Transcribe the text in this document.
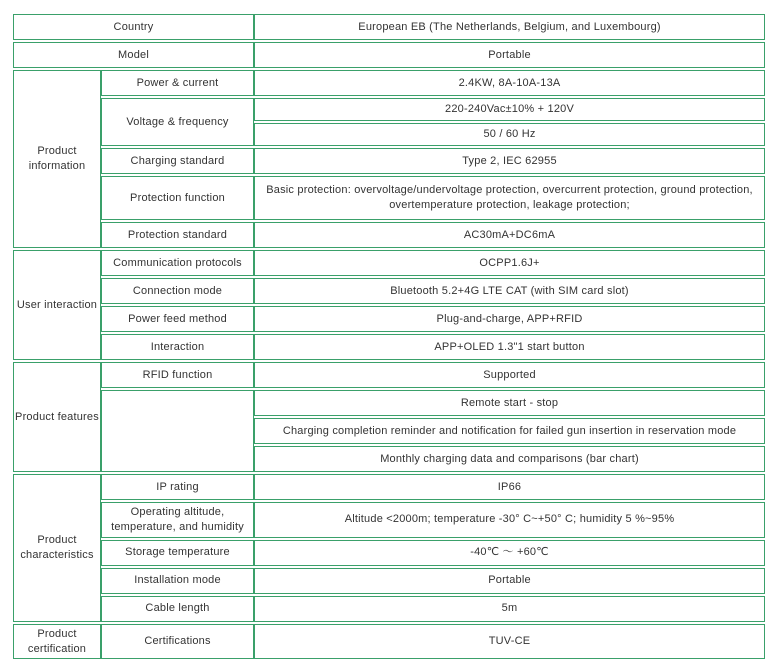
Country		European EB (The Netherlands, Belgium, and Luxembourg)
Model		Portable
Product information	Power & current	2.4KW, 8A-10A-13A
	Voltage & frequency	220-240Vac±10% + 120V
		50 / 60 Hz
	Charging standard	Type 2, IEC 62955
	Protection function	Basic protection: overvoltage/undervoltage protection, overcurrent protection, ground protection, overtemperature protection, leakage protection;
	Protection standard	AC30mA+DC6mA
User interaction	Communication protocols	OCPP1.6J+
	Connection mode	Bluetooth 5.2+4G LTE CAT (with SIM card slot)
	Power feed method	Plug-and-charge, APP+RFID
	Interaction	APP+OLED 1.3"1 start button
Product features	RFID function	Supported
		Remote start - stop
		Charging completion reminder and notification for failed gun insertion in reservation mode
		Monthly charging data and comparisons (bar chart)
Product characteristics	IP rating	IP66
	Operating altitude, temperature, and humidity	Altitude <2000m; temperature -30° C~+50° C; humidity 5 %~95%
	Storage temperature	-40℃ ～ +60℃
	Installation mode	Portable
	Cable length	5m
Product certification	Certifications	TUV-CE
